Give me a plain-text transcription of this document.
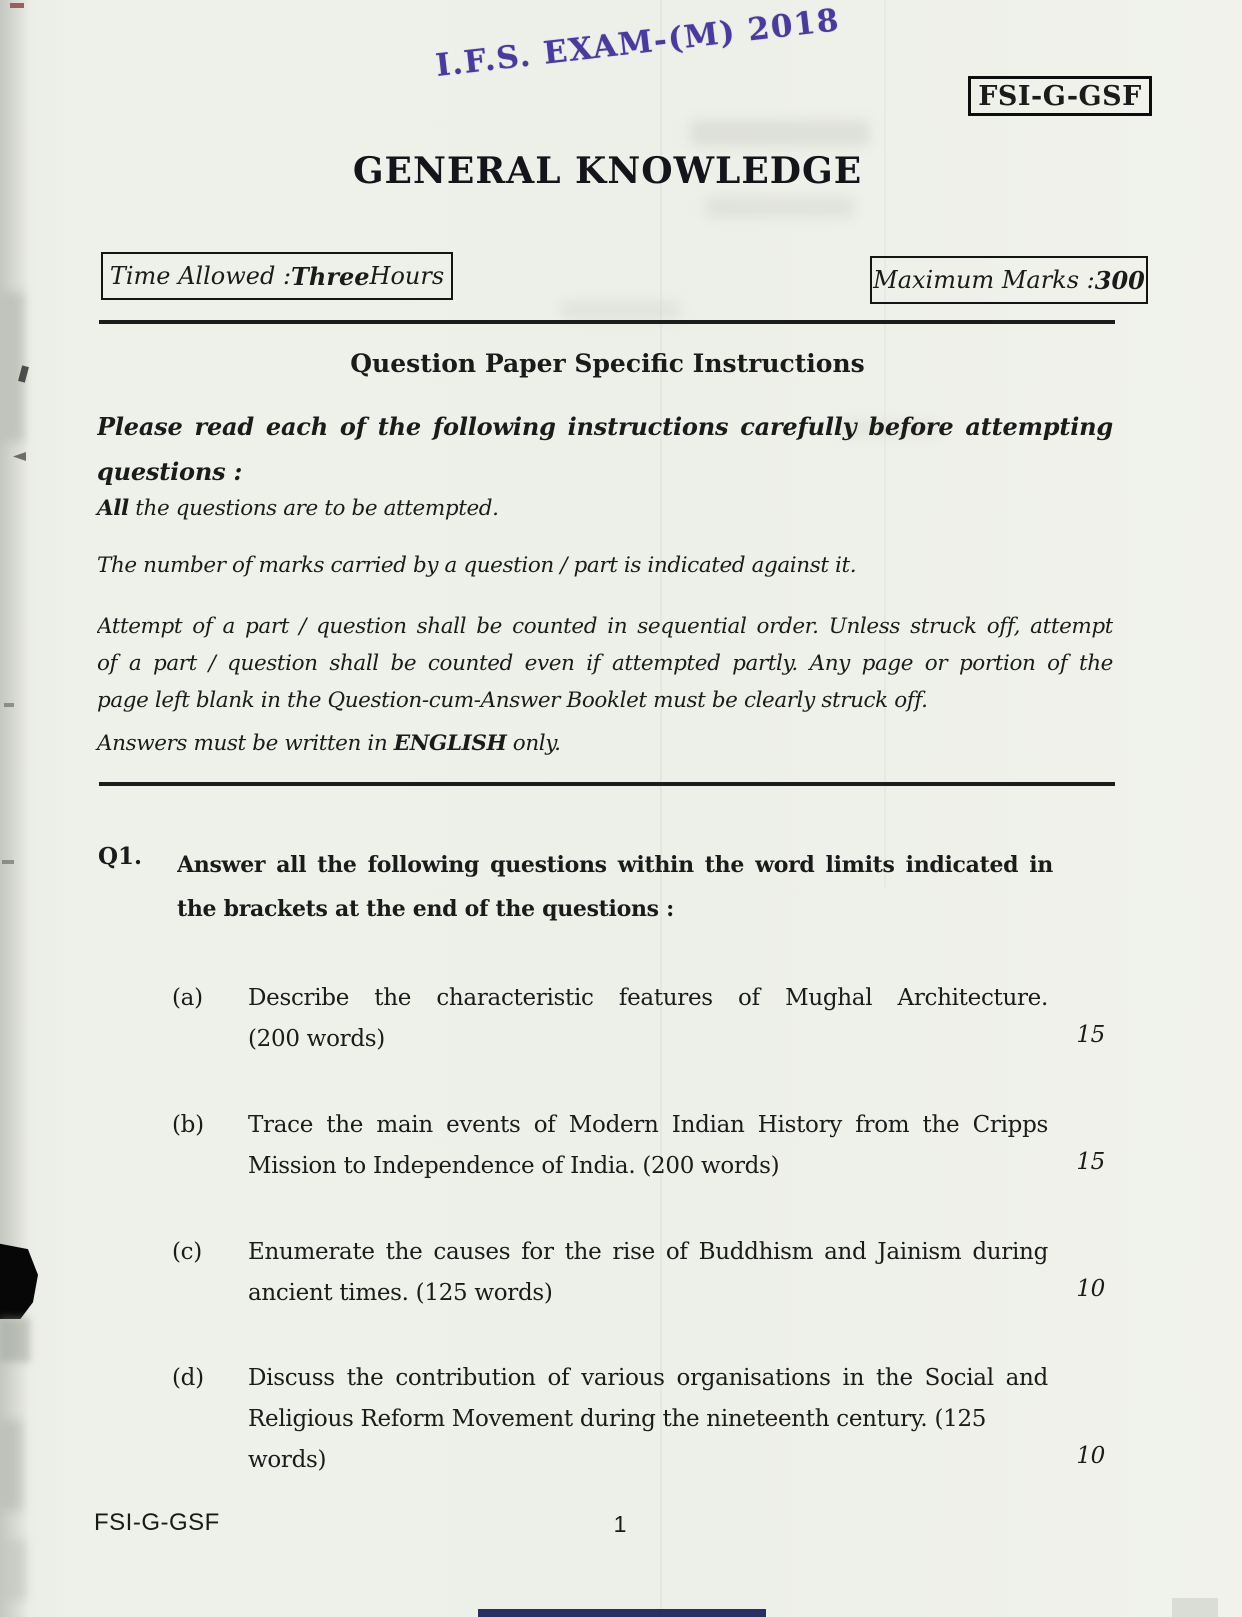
I.F.S. EXAM-(M) 2018
FSI-G-GSF
GENERAL KNOWLEDGE
Time Allowed : Three Hours	Maximum Marks : 300
Question Paper Specific Instructions
Please read each of the following instructions carefully before attempting
questions :
All the questions are to be attempted.
The number of marks carried by a question / part is indicated against it.
Attempt of a part / question shall be counted in sequential order. Unless struck off, attempt
of a part / question shall be counted even if attempted partly. Any page or portion of the
page left blank in the Question-cum-Answer Booklet must be clearly struck off.
Answers must be written in ENGLISH only.
Q1. Answer all the following questions within the word limits indicated in
the brackets at the end of the questions :
(a) Describe the characteristic features of Mughal Architecture.
(200 words)	15
(b) Trace the main events of Modern Indian History from the Cripps
Mission to Independence of India. (200 words)	15
(c) Enumerate the causes for the rise of Buddhism and Jainism during
ancient times. (125 words)	10
(d) Discuss the contribution of various organisations in the Social and
Religious Reform Movement during the nineteenth century. (125 words)	10
FSI-G-GSF	1
